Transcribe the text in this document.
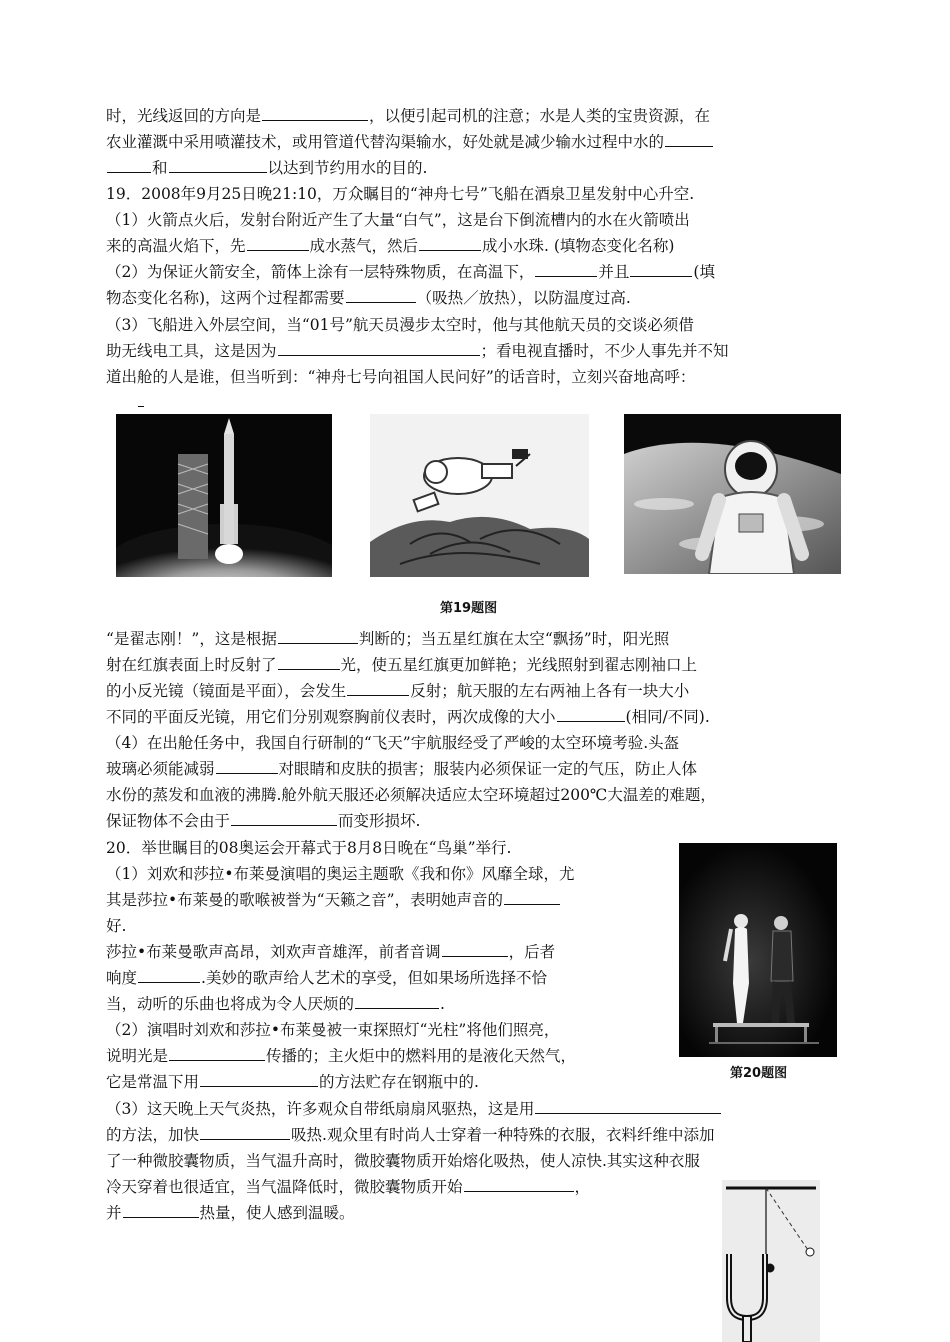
时，光线返回的方向是	，以便引起司机的注意；水是人类的宝贵资源，在
农业灌溉中采用喷灌技术，或用管道代替沟渠输水，好处就是减少输水过程中水的
和	以达到节约用水的目的.
19．2008年9月25日晚21:10，万众瞩目的“神舟七号”飞船在酒泉卫星发射中心升空.
（1）火箭点火后，发射台附近产生了大量“白气”，这是台下倒流槽内的水在火箭喷出
来的高温火焰下，先	成水蒸气，然后	成小水珠. (填物态变化名称)
（2）为保证火箭安全，箭体上涂有一层特殊物质，在高温下，	并且	(填
物态变化名称)，这两个过程都需要	（吸热／放热），以防温度过高.
（3）飞船进入外层空间，当“01号”航天员漫步太空时，他与其他航天员的交谈必须借
助无线电工具，这是因为	；看电视直播时，不少人事先并不知
道出舱的人是谁，但当听到：“神舟七号向祖国人民问好”的话音时，立刻兴奋地高呼：
第19题图
“是翟志刚！”，这是根据	判断的；当五星红旗在太空“飘扬”时，阳光照
射在红旗表面上时反射了	光，使五星红旗更加鲜艳；光线照射到翟志刚袖口上
的小反光镜（镜面是平面），会发生	反射；航天服的左右两袖上各有一块大小
不同的平面反光镜，用它们分别观察胸前仪表时，两次成像的大小	(相同/不同).
（4）在出舱任务中，我国自行研制的“飞天”宇航服经受了严峻的太空环境考验.头盔
玻璃必须能减弱	对眼睛和皮肤的损害；服装内必须保证一定的气压，防止人体
水份的蒸发和血液的沸腾.舱外航天服还必须解决适应太空环境超过200℃大温差的难题，
保证物体不会由于	而变形损坏.
20．举世瞩目的08奥运会开幕式于8月8日晚在“鸟巢”举行.
（1）刘欢和莎拉•布莱曼演唱的奥运主题歌《我和你》风靡全球，尤
其是莎拉•布莱曼的歌喉被誉为“天籁之音”，表明她声音的
好.
莎拉•布莱曼歌声高昂，刘欢声音雄浑，前者音调	，后者
响度	.美妙的歌声给人艺术的享受，但如果场所选择不恰
当，动听的乐曲也将成为令人厌烦的	.
（2）演唱时刘欢和莎拉•布莱曼被一束探照灯“光柱”将他们照亮，
说明光是	传播的；主火炬中的燃料用的是液化天然气，
它是常温下用	的方法贮存在钢瓶中的.	第20题图
（3）这天晚上天气炎热，许多观众自带纸扇扇风驱热，这是用
的方法，加快	吸热.观众里有时尚人士穿着一种特殊的衣服，衣料纤维中添加
了一种微胶囊物质，当气温升高时，微胶囊物质开始熔化吸热，使人凉快.其实这种衣服
冷天穿着也很适宜，当气温降低时，微胶囊物质开始	，
并	热量，使人感到温暖。
